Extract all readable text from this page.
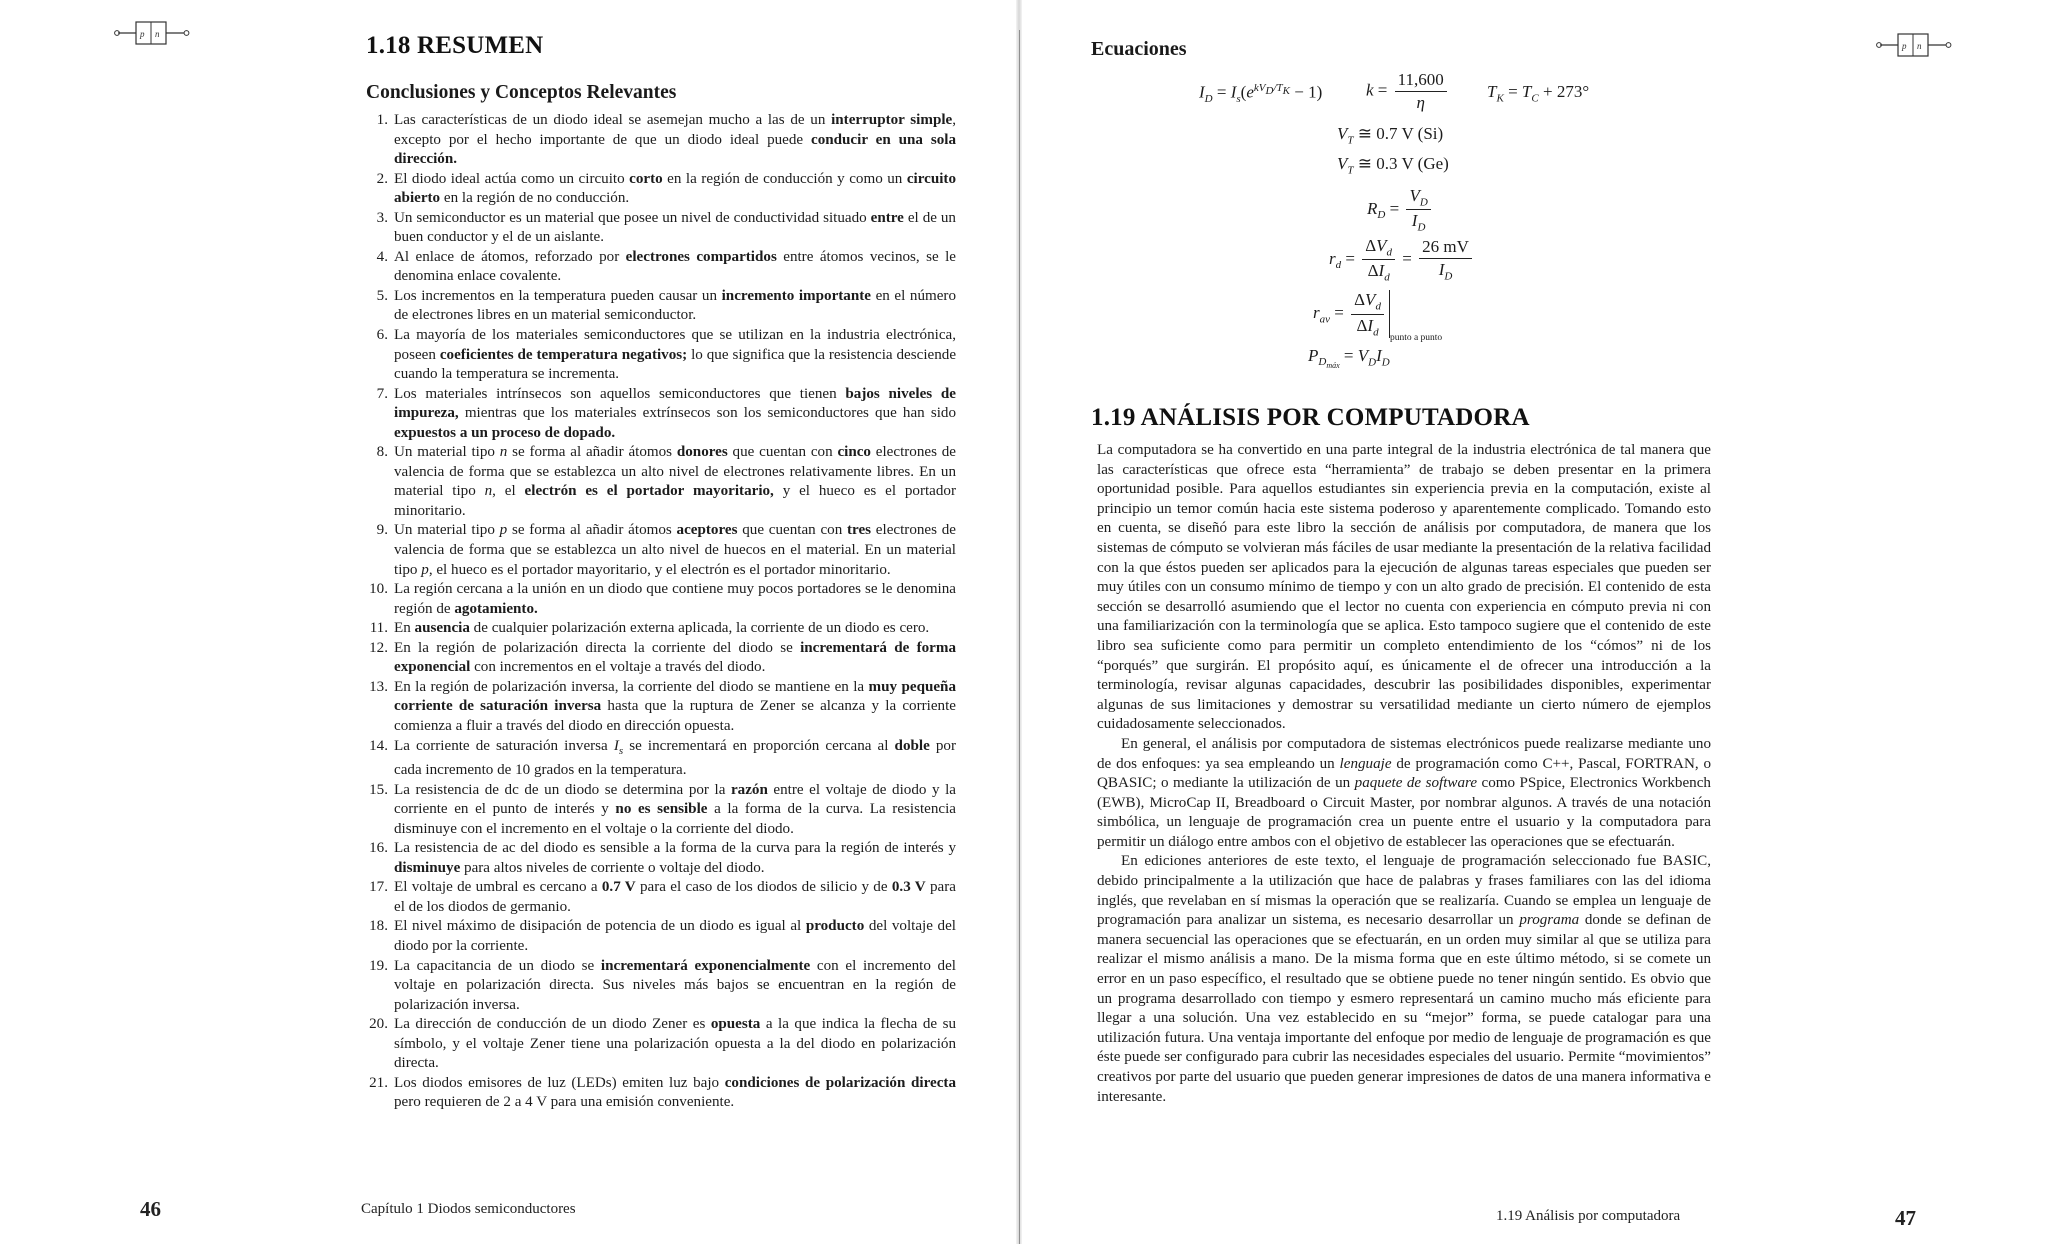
p n	1.18 RESUMEN
Conclusiones y Conceptos Relevantes
1. Las características de un diodo ideal se asemejan mucho a las de un interruptor simple, excepto por el hecho importante de que un diodo ideal puede conducir en una sola dirección.
2. El diodo ideal actúa como un circuito corto en la región de conducción y como un circuito abierto en la región de no conducción.
3. Un semiconductor es un material que posee un nivel de conductividad situado entre el de un buen conductor y el de un aislante.
4. Al enlace de átomos, reforzado por electrones compartidos entre átomos vecinos, se le denomina enlace covalente.
5. Los incrementos en la temperatura pueden causar un incremento importante en el número de electrones libres en un material semiconductor.
6. La mayoría de los materiales semiconductores que se utilizan en la industria electrónica, poseen coeficientes de temperatura negativos; lo que significa que la resistencia desciende cuando la temperatura se incrementa.
7. Los materiales intrínsecos son aquellos semiconductores que tienen bajos niveles de impureza, mientras que los materiales extrínsecos son los semiconductores que han sido expuestos a un proceso de dopado.
8. Un material tipo n se forma al añadir átomos donores que cuentan con cinco electrones de valencia de forma que se establezca un alto nivel de electrones relativamente libres. En un material tipo n, el electrón es el portador mayoritario, y el hueco es el portador minoritario.
9. Un material tipo p se forma al añadir átomos aceptores que cuentan con tres electrones de valencia de forma que se establezca un alto nivel de huecos en el material. En un material tipo p, el hueco es el portador mayoritario, y el electrón es el portador minoritario.
10. La región cercana a la unión en un diodo que contiene muy pocos portadores se le denomina región de agotamiento.
11. En ausencia de cualquier polarización externa aplicada, la corriente de un diodo es cero.
12. En la región de polarización directa la corriente del diodo se incrementará de forma exponencial con incrementos en el voltaje a través del diodo.
13. En la región de polarización inversa, la corriente del diodo se mantiene en la muy pequeña corriente de saturación inversa hasta que la ruptura de Zener se alcanza y la corriente comienza a fluir a través del diodo en dirección opuesta.
14. La corriente de saturación inversa $I_s$ se incrementará en proporción cercana al doble por cada incremento de 10 grados en la temperatura.
15. La resistencia de dc de un diodo se determina por la razón entre el voltaje de diodo y la corriente en el punto de interés y no es sensible a la forma de la curva. La resistencia disminuye con el incremento en el voltaje o la corriente del diodo.
16. La resistencia de ac del diodo es sensible a la forma de la curva para la región de interés y disminuye para altos niveles de corriente o voltaje del diodo.
17. El voltaje de umbral es cercano a 0.7 V para el caso de los diodos de silicio y de 0.3 V para el de los diodos de germanio.
18. El nivel máximo de disipación de potencia de un diodo es igual al producto del voltaje del diodo por la corriente.
19. La capacitancia de un diodo se incrementará exponencialmente con el incremento del voltaje en polarización directa. Sus niveles más bajos se encuentran en la región de polarización inversa.
20. La dirección de conducción de un diodo Zener es opuesta a la que indica la flecha de su símbolo, y el voltaje Zener tiene una polarización opuesta a la del diodo en polarización directa.
21. Los diodos emisores de luz (LEDs) emiten luz bajo condiciones de polarización directa pero requieren de 2 a 4 V para una emisión conveniente.
46	Capítulo 1 Diodos semiconductores
Ecuaciones	p n
$I_D = I_s(e^{kV_D/T_K} - 1)$	$k = \frac{11,600}{\eta} T_K = T_C + 273^\circ$
$V_T$ ≅ 0.7 V (Si)
$V_T$ ≅ 0.3 V (Ge)
$R_D = \frac{V_D}{I_D}$
$r_d = \frac{\Delta V_d}{\Delta I_d} = \frac{26 mV}{I_D}$
$r_{av} = \frac{\Delta V_d}{\Delta I_d}$
$_{punto a punto}$
$P_{D_{máx}} = V_DI_D$
1.19 ANÁLISIS POR COMPUTADORA

La computadora se ha convertido en una parte integral de la industria electrónica de tal manera que las características que ofrece esta “herramienta” de trabajo se deben presentar en la primera oportunidad posible. Para aquellos estudiantes sin experiencia previa en la computación, existe al principio un temor común hacia este sistema poderoso y aparentemente complicado. Tomando esto en cuenta, se diseñó para este libro la sección de análisis por computadora, de manera que los sistemas de cómputo se volvieran más fáciles de usar mediante la presentación de la relativa facilidad con la que éstos pueden ser aplicados para la ejecución de algunas tareas especiales que pueden ser muy útiles con un consumo mínimo de tiempo y con un alto grado de precisión. El contenido de esta sección se desarrolló asumiendo que el lector no cuenta con experiencia en cómputo previa ni con una familiarización con la terminología que se aplica. Esto tampoco sugiere que el contenido de este libro sea suficiente como para permitir un completo entendimiento de los “cómos” ni de los “porqués” que surgirán. El propósito aquí, es únicamente el de ofrecer una introducción a la terminología, revisar algunas capacidades, descubrir las posibilidades disponibles, experimentar algunas de sus limitaciones y demostrar su versatilidad mediante un cierto número de ejemplos cuidadosamente seleccionados.

En general, el análisis por computadora de sistemas electrónicos puede realizarse mediante uno de dos enfoques: ya sea empleando un lenguaje de programación como C++, Pascal, FORTRAN, o QBASIC; o mediante la utilización de un paquete de software como PSpice, Electronics Workbench (EWB), MicroCap II, Breadboard o Circuit Master, por nombrar algunos. A través de una notación simbólica, un lenguaje de programación crea un puente entre el usuario y la computadora para permitir un diálogo entre ambos con el objetivo de establecer las operaciones que se efectuarán.

En ediciones anteriores de este texto, el lenguaje de programación seleccionado fue BASIC, debido principalmente a la utilización que hace de palabras y frases familiares con las del idioma inglés, que revelaban en sí mismas la operación que se realizaría. Cuando se emplea un lenguaje de programación para analizar un sistema, es necesario desarrollar un programa donde se definan de manera secuencial las operaciones que se efectuarán, en un orden muy similar al que se utiliza para realizar el mismo análisis a mano. De la misma forma que en este último método, si se comete un error en un paso específico, el resultado que se obtiene puede no tener ningún sentido. Es obvio que un programa desarrollado con tiempo y esmero representará un camino mucho más eficiente para llegar a una solución. Una vez establecido en su “mejor” forma, se puede catalogar para una utilización futura. Una ventaja importante del enfoque por medio de lenguaje de programación es que éste puede ser configurado para cubrir las necesidades especiales del usuario. Permite “movimientos” creativos por parte del usuario que pueden generar impresiones de datos de una manera informativa e interesante.

1.19 Análisis por computadora	47
